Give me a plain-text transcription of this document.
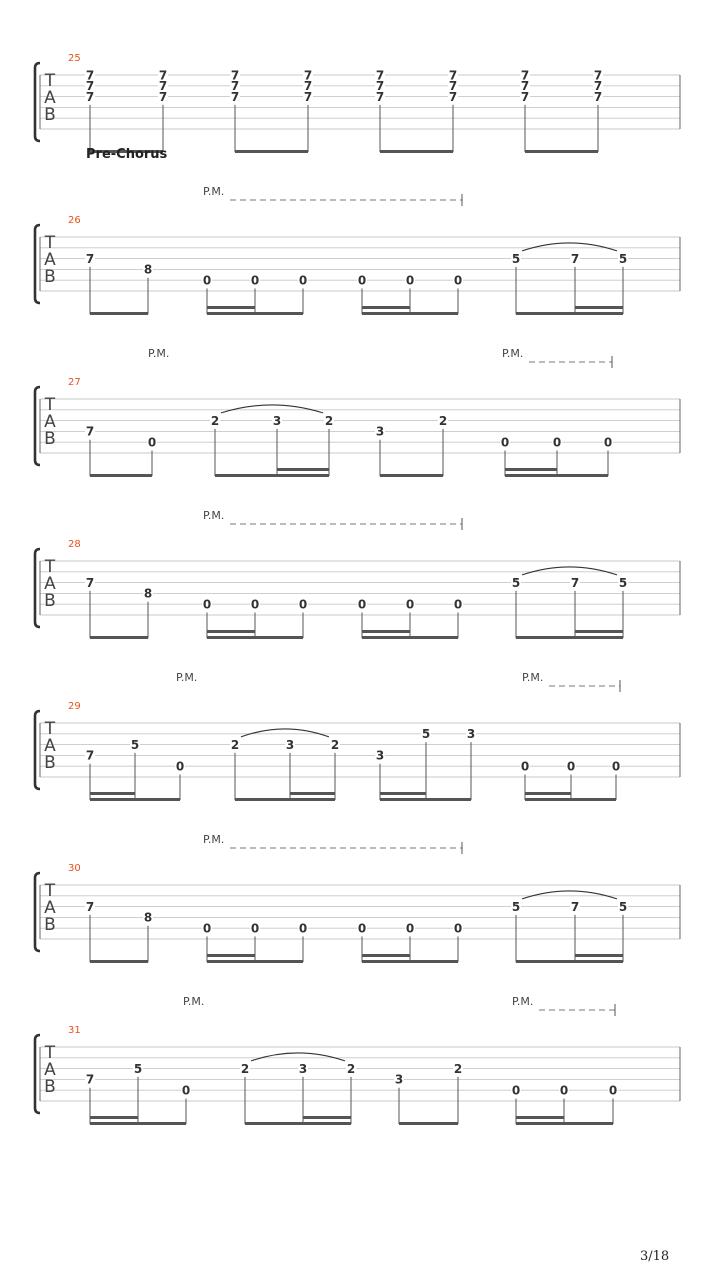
25
T
A
B
7
7
7
7
7
7
7
7
7
7
7
7
7
7
7
7
7
7
7
7
7
7
7
7
26
Pre-Chorus
T
A
B
P.M.
7
8
0	0	0	0	0	0
5	7	5
27
T
A
B
P.M.	P.M.
7
0
2	3	2
3
2
0	0	0
28
T
A
B
P.M.
7
8
0	0	0	0	0	0
5	7	5
29
T
A
B
P.M.	P.M.
7
5
0
2	3	2
3
5	3
0	0	0
30
T
A
B
P.M.
7
8
0	0	0	0	0	0
5	7	5
31
T
A
B
P.M.	P.M.
7
5
0
2	3	2
3
2
0	0	0
3/18
